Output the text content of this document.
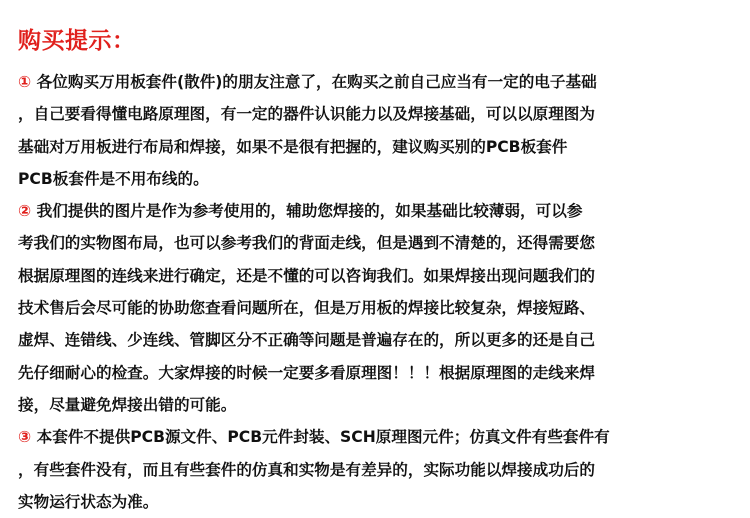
购买提示：
① 各位购买万用板套件(散件)的朋友注意了，在购买之前自己应当有一定的电子基础
，自己要看得懂电路原理图，有一定的器件认识能力以及焊接基础，可以以原理图为
基础对万用板进行布局和焊接，如果不是很有把握的，建议购买别的PCB板套件
PCB板套件是不用布线的。
② 我们提供的图片是作为参考使用的，辅助您焊接的，如果基础比较薄弱，可以参
考我们的实物图布局，也可以参考我们的背面走线，但是遇到不清楚的，还得需要您
根据原理图的连线来进行确定，还是不懂的可以咨询我们。如果焊接出现问题我们的
技术售后会尽可能的协助您查看问题所在，但是万用板的焊接比较复杂，焊接短路、
虚焊、连错线、少连线、管脚区分不正确等问题是普遍存在的，所以更多的还是自己
先仔细耐心的检查。大家焊接的时候一定要多看原理图！！！根据原理图的走线来焊
接，尽量避免焊接出错的可能。
③ 本套件不提供PCB源文件、PCB元件封装、SCH原理图元件；仿真文件有些套件有
，有些套件没有，而且有些套件的仿真和实物是有差异的，实际功能以焊接成功后的
实物运行状态为准。
